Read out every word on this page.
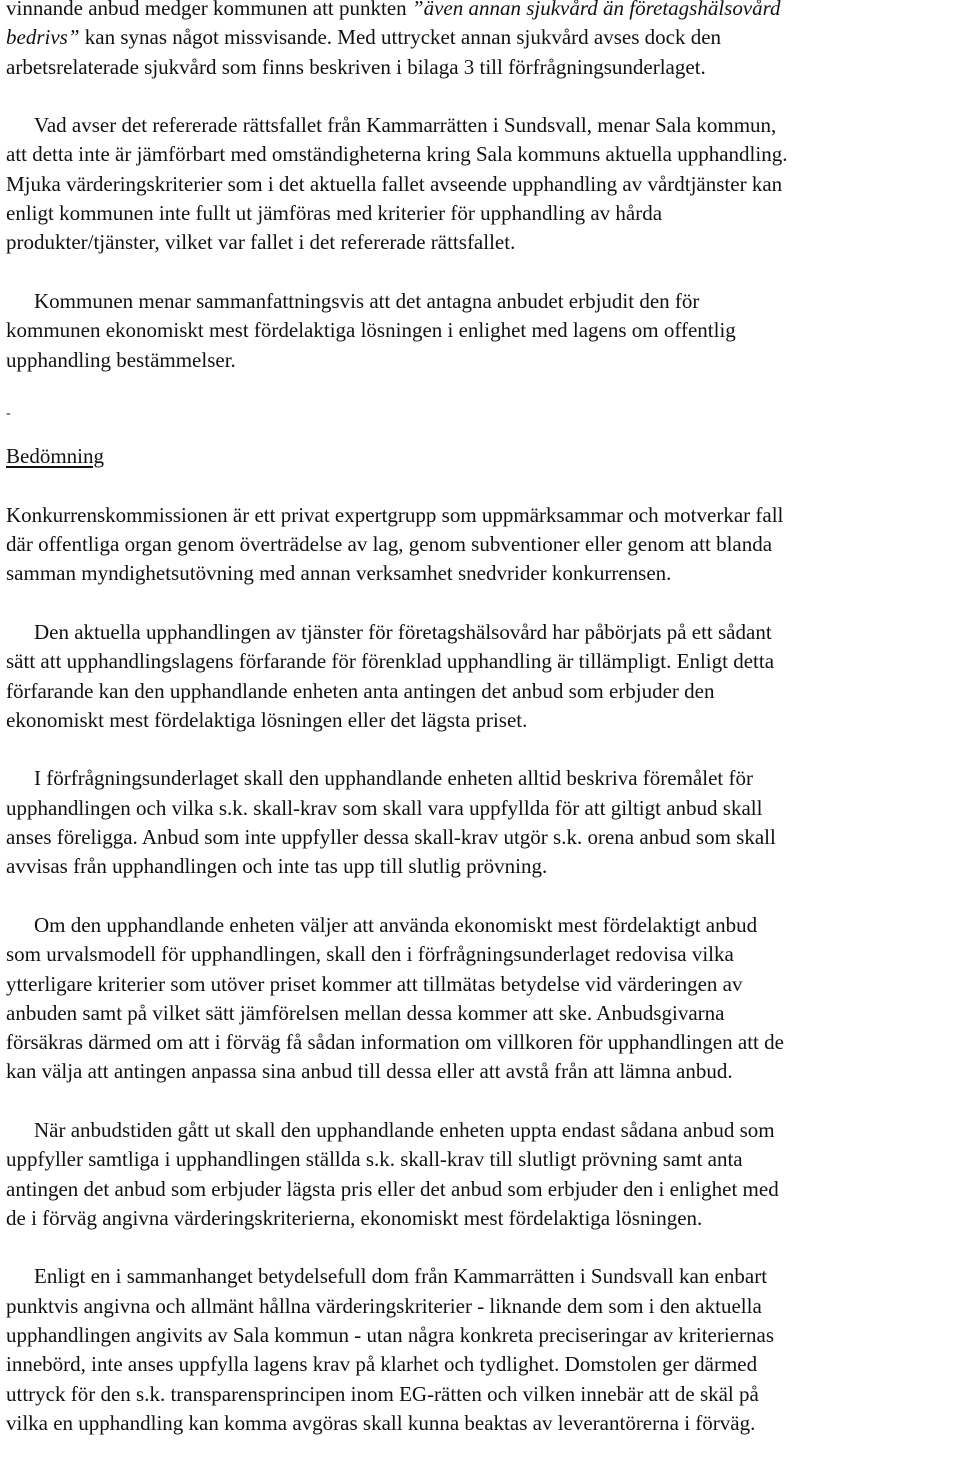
vinnande anbud medger kommunen att punkten ”även annan sjukvård än företagshälsovård
bedrivs” kan synas något missvisande. Med uttrycket annan sjukvård avses dock den
arbetsrelaterade sjukvård som finns beskriven i bilaga 3 till förfrågningsunderlaget.
Vad avser det refererade rättsfallet från Kammarrätten i Sundsvall, menar Sala kommun,
att detta inte är jämförbart med omständigheterna kring Sala kommuns aktuella upphandling.
Mjuka värderingskriterier som i det aktuella fallet avseende upphandling av vårdtjänster kan
enligt kommunen inte fullt ut jämföras med kriterier för upphandling av hårda
produkter/tjänster, vilket var fallet i det refererade rättsfallet.
Kommunen menar sammanfattningsvis att det antagna anbudet erbjudit den för
kommunen ekonomiskt mest fördelaktiga lösningen i enlighet med lagens om offentlig
upphandling bestämmelser.
-
Bedömning
Konkurrenskommissionen är ett privat expertgrupp som uppmärksammar och motverkar fall
där offentliga organ genom överträdelse av lag, genom subventioner eller genom att blanda
samman myndighetsutövning med annan verksamhet snedvrider konkurrensen.
Den aktuella upphandlingen av tjänster för företagshälsovård har påbörjats på ett sådant
sätt att upphandlingslagens förfarande för förenklad upphandling är tillämpligt. Enligt detta
förfarande kan den upphandlande enheten anta antingen det anbud som erbjuder den
ekonomiskt mest fördelaktiga lösningen eller det lägsta priset.
I förfrågningsunderlaget skall den upphandlande enheten alltid beskriva föremålet för
upphandlingen och vilka s.k. skall-krav som skall vara uppfyllda för att giltigt anbud skall
anses föreligga. Anbud som inte uppfyller dessa skall-krav utgör s.k. orena anbud som skall
avvisas från upphandlingen och inte tas upp till slutlig prövning.
Om den upphandlande enheten väljer att använda ekonomiskt mest fördelaktigt anbud
som urvalsmodell för upphandlingen, skall den i förfrågningsunderlaget redovisa vilka
ytterligare kriterier som utöver priset kommer att tillmätas betydelse vid värderingen av
anbuden samt på vilket sätt jämförelsen mellan dessa kommer att ske. Anbudsgivarna
försäkras därmed om att i förväg få sådan information om villkoren för upphandlingen att de
kan välja att antingen anpassa sina anbud till dessa eller att avstå från att lämna anbud.
När anbudstiden gått ut skall den upphandlande enheten uppta endast sådana anbud som
uppfyller samtliga i upphandlingen ställda s.k. skall-krav till slutligt prövning samt anta
antingen det anbud som erbjuder lägsta pris eller det anbud som erbjuder den i enlighet med
de i förväg angivna värderingskriterierna, ekonomiskt mest fördelaktiga lösningen.
Enligt en i sammanhanget betydelsefull dom från Kammarrätten i Sundsvall kan enbart
punktvis angivna och allmänt hållna värderingskriterier - liknande dem som i den aktuella
upphandlingen angivits av Sala kommun - utan några konkreta preciseringar av kriteriernas
innebörd, inte anses uppfylla lagens krav på klarhet och tydlighet. Domstolen ger därmed
uttryck för den s.k. transparensprincipen inom EG-rätten och vilken innebär att de skäl på
vilka en upphandling kan komma avgöras skall kunna beaktas av leverantörerna i förväg.
